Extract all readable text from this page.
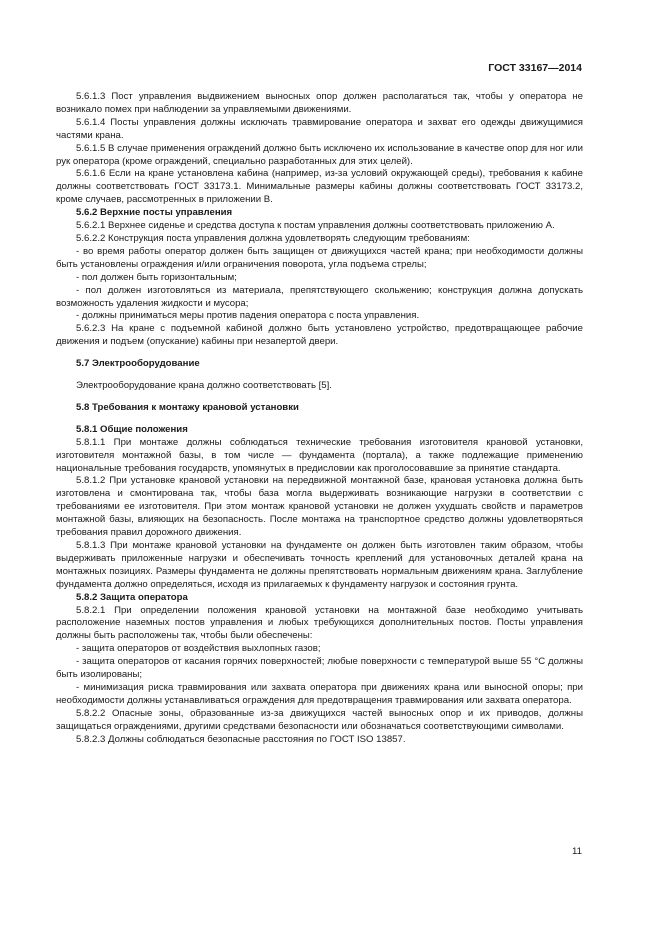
ГОСТ 33167—2014

5.6.1.3 Пост управления выдвижением выносных опор должен располагаться так, чтобы у оператора не возникало помех при наблюдении за управляемыми движениями.

5.6.1.4 Посты управления должны исключать травмирование оператора и захват его одежды движущимися частями крана.

5.6.1.5 В случае применения ограждений должно быть исключено их использование в качестве опор для ног или рук оператора (кроме ограждений, специально разработанных для этих целей).

5.6.1.6 Если на кране установлена кабина (например, из-за условий окружающей среды), требования к кабине должны соответствовать ГОСТ 33173.1. Минимальные размеры кабины должны соответствовать ГОСТ 33173.2, кроме случаев, рассмотренных в приложении В.

5.6.2 Верхние посты управления

5.6.2.1 Верхнее сиденье и средства доступа к постам управления должны соответствовать приложению А.

5.6.2.2 Конструкция поста управления должна удовлетворять следующим требованиям:

- во время работы оператор должен быть защищен от движущихся частей крана; при необходимости должны быть установлены ограждения и/или ограничения поворота, угла подъема стрелы;

- пол должен быть горизонтальным;

- пол должен изготовляться из материала, препятствующего скольжению; конструкция должна допускать возможность удаления жидкости и мусора;

- должны приниматься меры против падения оператора с поста управления.

5.6.2.3 На кране с подъемной кабиной должно быть установлено устройство, предотвращающее рабочие движения и подъем (опускание) кабины при незапертой двери.

5.7 Электрооборудование

Электрооборудование крана должно соответствовать [5].

5.8 Требования к монтажу крановой установки

5.8.1 Общие положения

5.8.1.1 При монтаже должны соблюдаться технические требования изготовителя крановой установки, изготовителя монтажной базы, в том числе — фундамента (портала), а также подлежащие применению национальные требования государств, упомянутых в предисловии как проголосовавшие за принятие стандарта.

5.8.1.2 При установке крановой установки на передвижной монтажной базе, крановая установка должна быть изготовлена и смонтирована так, чтобы база могла выдерживать возникающие нагрузки в соответствии с требованиями ее изготовителя. При этом монтаж крановой установки не должен ухудшать свойств и параметров монтажной базы, влияющих на безопасность. После монтажа на транспортное средство должны удовлетворяться требования правил дорожного движения.

5.8.1.3 При монтаже крановой установки на фундаменте он должен быть изготовлен таким образом, чтобы выдерживать приложенные нагрузки и обеспечивать точность креплений для установочных деталей крана на монтажных позициях. Размеры фундамента не должны препятствовать нормальным движениям крана. Заглубление фундамента должно определяться, исходя из прилагаемых к фундаменту нагрузок и состояния грунта.

5.8.2 Защита оператора

5.8.2.1 При определении положения крановой установки на монтажной базе необходимо учитывать расположение наземных постов управления и любых требующихся дополнительных постов. Посты управления должны быть расположены так, чтобы были обеспечены:

- защита операторов от воздействия выхлопных газов;

- защита операторов от касания горячих поверхностей; любые поверхности с температурой выше 55 °С должны быть изолированы;

- минимизация риска травмирования или захвата оператора при движениях крана или выносной опоры; при необходимости должны устанавливаться ограждения для предотвращения травмирования или захвата оператора.

5.8.2.2 Опасные зоны, образованные из-за движущихся частей выносных опор и их приводов, должны защищаться ограждениями, другими средствами безопасности или обозначаться соответствующими символами.

5.8.2.3 Должны соблюдаться безопасные расстояния по ГОСТ ISO 13857.

11
